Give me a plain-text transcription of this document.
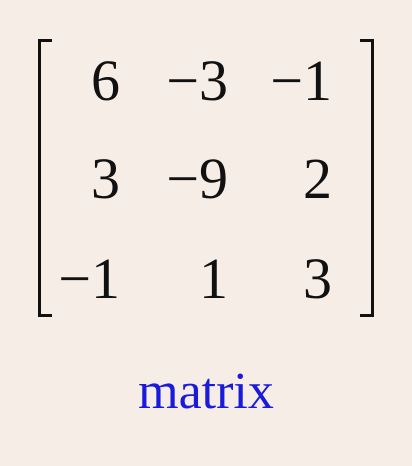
6 −3 −1
3 −9	2
−1	1	3
matrix
